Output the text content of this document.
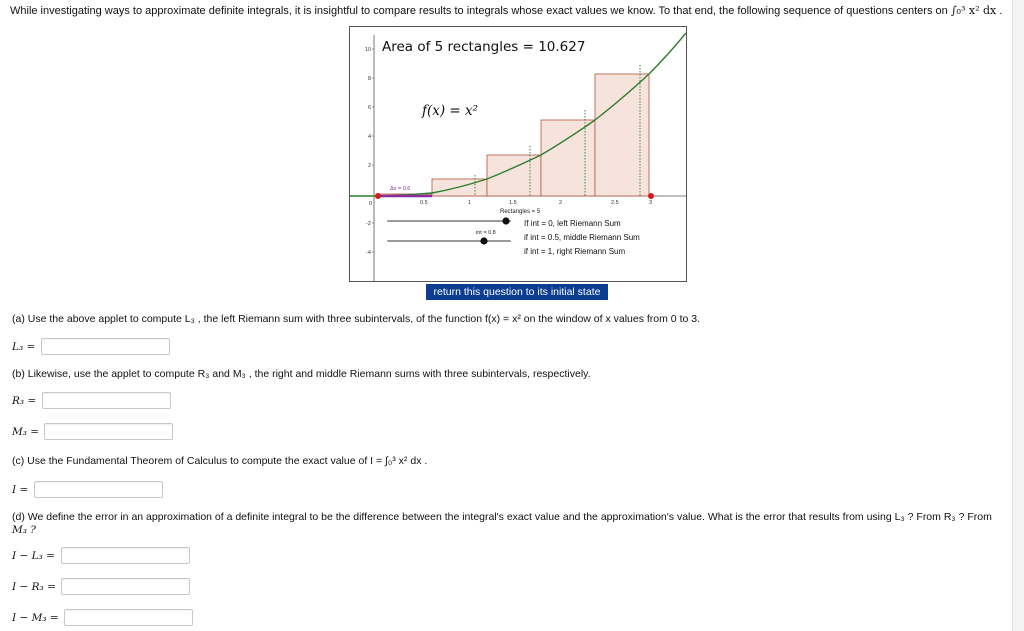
While investigating ways to approximate definite integrals, it is insightful to compare results to integrals whose exact values we know. To that end, the following sequence of questions centers on ∫₀³ x² dx .
10
8
6
4
2
0
-2
-4
Δx = 0.6
0.5	1	1.5	2	2.5	3
Area of 5 rectangles = 10.627
f(x) = x²
Rectangles = 5
int = 0.8
If int = 0, left Riemann Sum
if int = 0.5, middle Riemann Sum
if int = 1, right Riemann Sum
return this question to its initial state
(a) Use the above applet to compute L₃ , the left Riemann sum with three subintervals, of the function f(x) = x² on the window of x values from 0 to 3.
L₃ =
(b) Likewise, use the applet to compute R₃ and M₃ , the right and middle Riemann sums with three subintervals, respectively.
R₃ =
M₃ =
(c) Use the Fundamental Theorem of Calculus to compute the exact value of I = ∫₀³ x² dx .
I =
(d) We define the error in an approximation of a definite integral to be the difference between the integral's exact value and the approximation's value. What is the error that results from using L₃ ? From R₃ ? From
M₃ ?
I − L₃ =
I − R₃ =
I − M₃ =
